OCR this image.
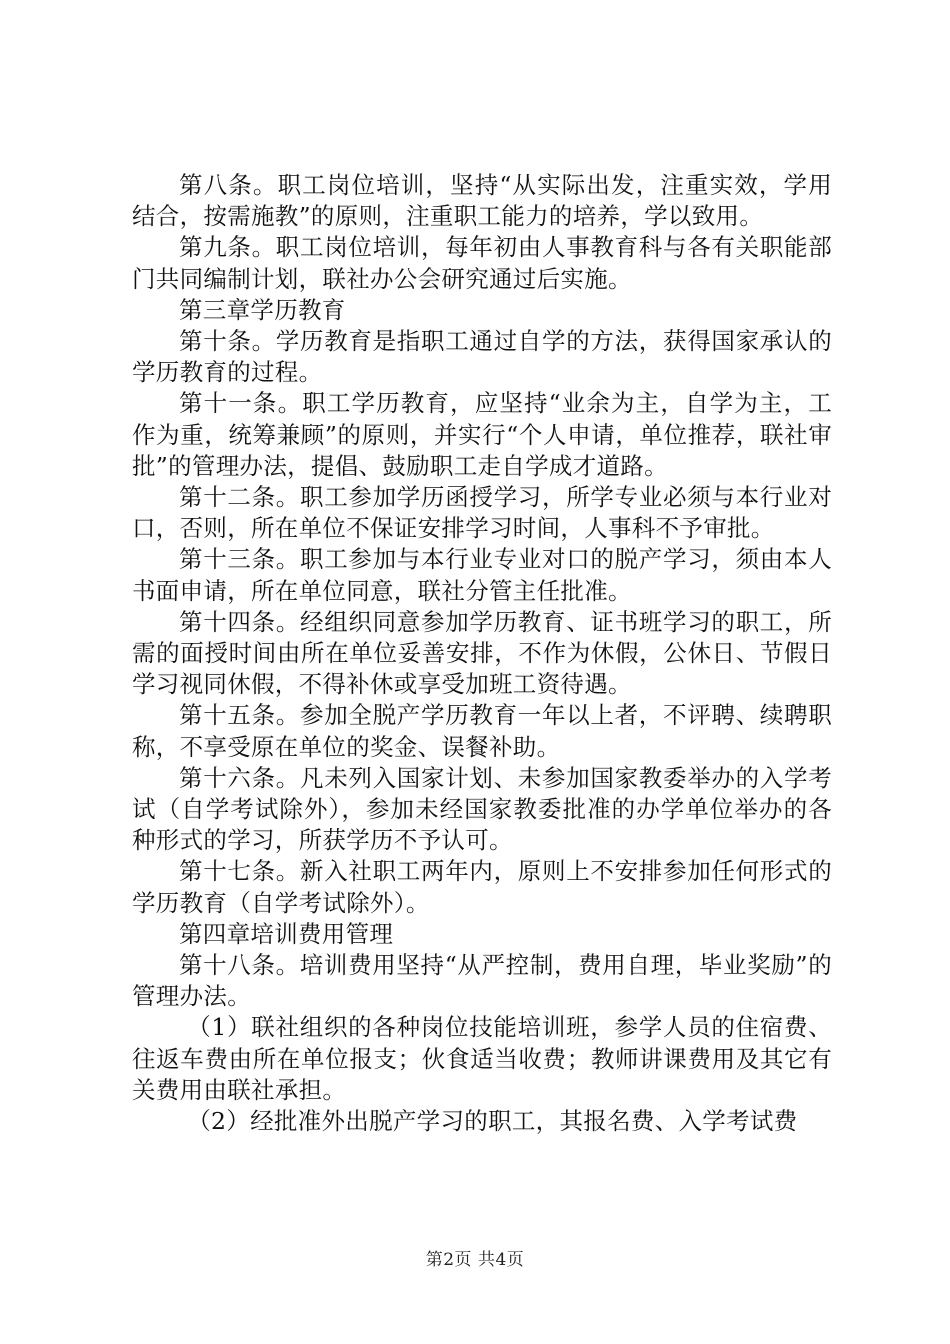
第八条。职工岗位培训，坚持“从实际出发，注重实效，学用结合，按需施教”的原则，注重职工能力的培养，学以致用。

第九条。职工岗位培训，每年初由人事教育科与各有关职能部门共同编制计划，联社办公会研究通过后实施。

第三章学历教育

第十条。学历教育是指职工通过自学的方法，获得国家承认的学历教育的过程。

第十一条。职工学历教育，应坚持“业余为主，自学为主，工作为重，统筹兼顾”的原则，并实行“个人申请，单位推荐，联社审批”的管理办法，提倡、鼓励职工走自学成才道路。

第十二条。职工参加学历函授学习，所学专业必须与本行业对口，否则，所在单位不保证安排学习时间，人事科不予审批。

第十三条。职工参加与本行业专业对口的脱产学习，须由本人书面申请，所在单位同意，联社分管主任批准。

第十四条。经组织同意参加学历教育、证书班学习的职工，所需的面授时间由所在单位妥善安排，不作为休假，公休日、节假日学习视同休假，不得补休或享受加班工资待遇。

第十五条。参加全脱产学历教育一年以上者，不评聘、续聘职称，不享受原在单位的奖金、误餐补助。

第十六条。凡未列入国家计划、未参加国家教委举办的入学考试（自学考试除外），参加未经国家教委批准的办学单位举办的各种形式的学习，所获学历不予认可。

第十七条。新入社职工两年内，原则上不安排参加任何形式的学历教育（自学考试除外）。

第四章培训费用管理

第十八条。培训费用坚持“从严控制，费用自理，毕业奖励”的管理办法。

（1）联社组织的各种岗位技能培训班，参学人员的住宿费、往返车费由所在单位报支；伙食适当收费；教师讲课费用及其它有关费用由联社承担。

（2）经批准外出脱产学习的职工，其报名费、入学考试费

第2页 共4页
